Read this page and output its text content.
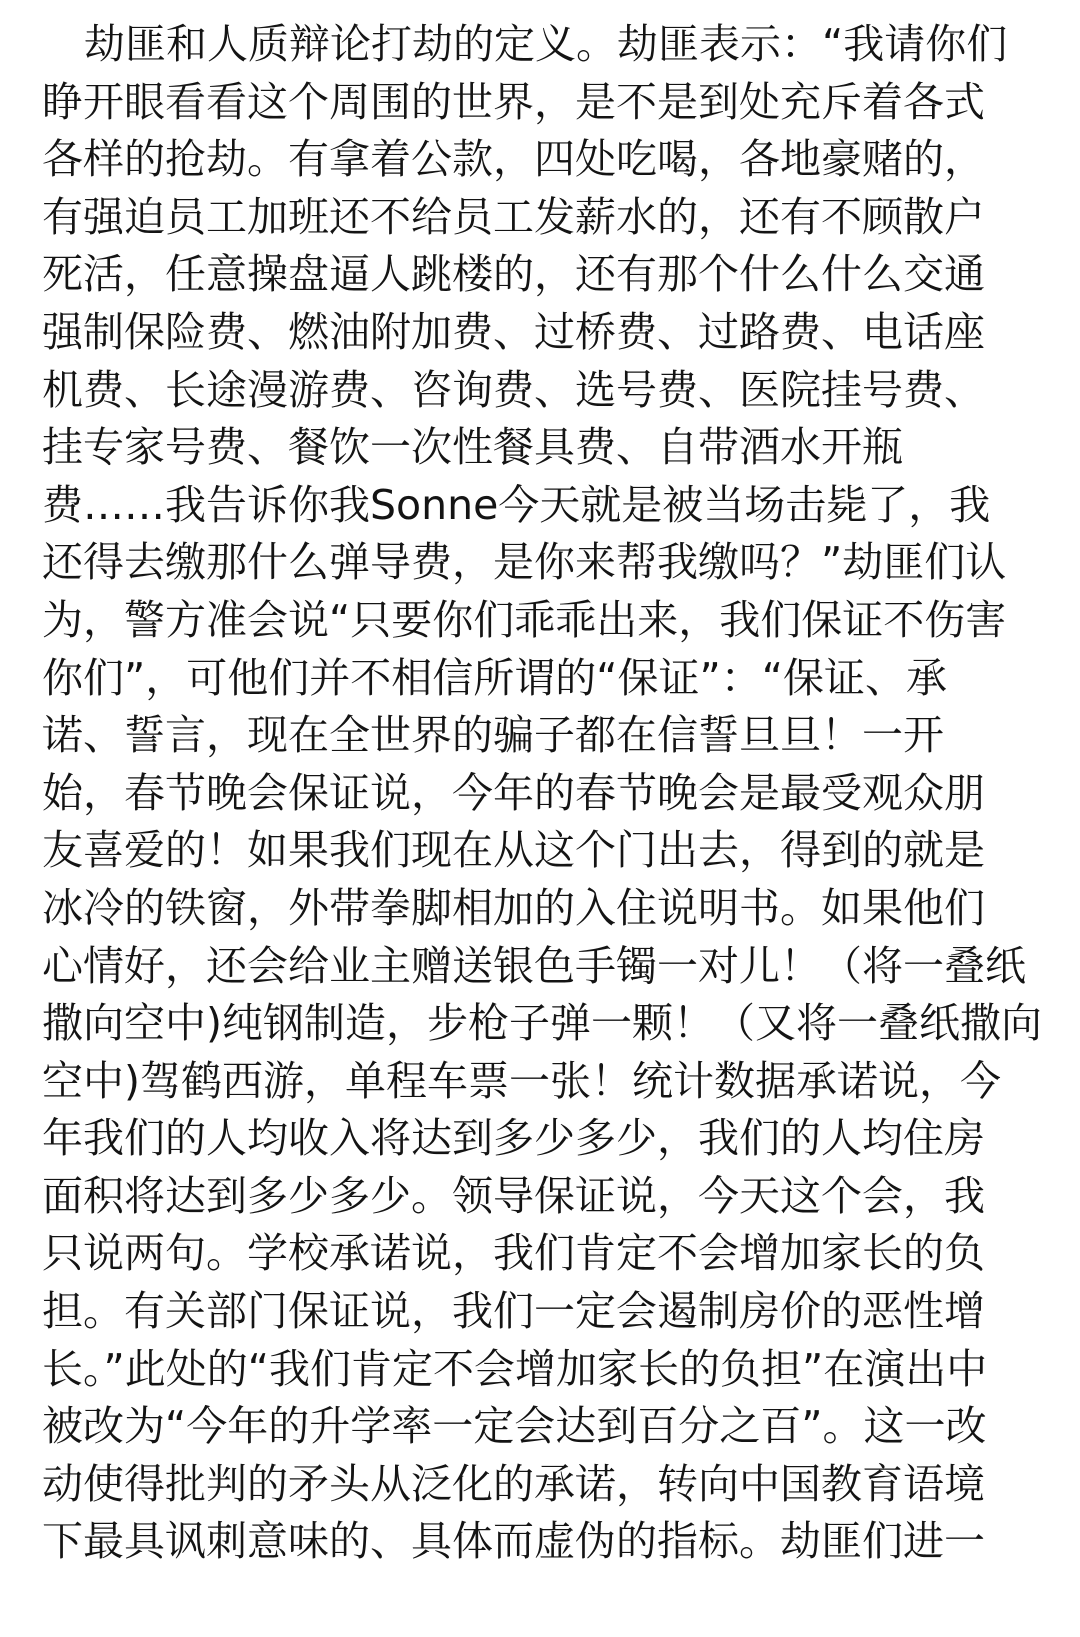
劫匪和人质辩论打劫的定义。劫匪表示：“我请你们
睁开眼看看这个周围的世界，是不是到处充斥着各式
各样的抢劫。有拿着公款，四处吃喝，各地豪赌的，
有强迫员工加班还不给员工发薪水的，还有不顾散户
死活，任意操盘逼人跳楼的，还有那个什么什么交通
强制保险费、燃油附加费、过桥费、过路费、电话座
机费、长途漫游费、咨询费、选号费、医院挂号费、
挂专家号费、餐饮一次性餐具费、自带酒水开瓶
费……我告诉你我Sonne今天就是被当场击毙了，我
还得去缴那什么弹导费，是你来帮我缴吗？”劫匪们认
为，警方准会说“只要你们乖乖出来，我们保证不伤害
你们”，可他们并不相信所谓的“保证”：“保证、承
诺、誓言，现在全世界的骗子都在信誓旦旦！一开
始，春节晚会保证说，今年的春节晚会是最受观众朋
友喜爱的！如果我们现在从这个门出去，得到的就是
冰冷的铁窗，外带拳脚相加的入住说明书。如果他们
心情好，还会给业主赠送银色手镯一对儿！（将一叠纸
撒向空中)纯钢制造，步枪子弹一颗！（又将一叠纸撒向
空中)驾鹤西游，单程车票一张！统计数据承诺说，今
年我们的人均收入将达到多少多少，我们的人均住房
面积将达到多少多少。领导保证说，今天这个会，我
只说两句。学校承诺说，我们肯定不会增加家长的负
担。有关部门保证说，我们一定会遏制房价的恶性增
长。”此处的“我们肯定不会增加家长的负担”在演出中
被改为“今年的升学率一定会达到百分之百”。这一改
动使得批判的矛头从泛化的承诺，转向中国教育语境
下最具讽刺意味的、具体而虚伪的指标。劫匪们进一
